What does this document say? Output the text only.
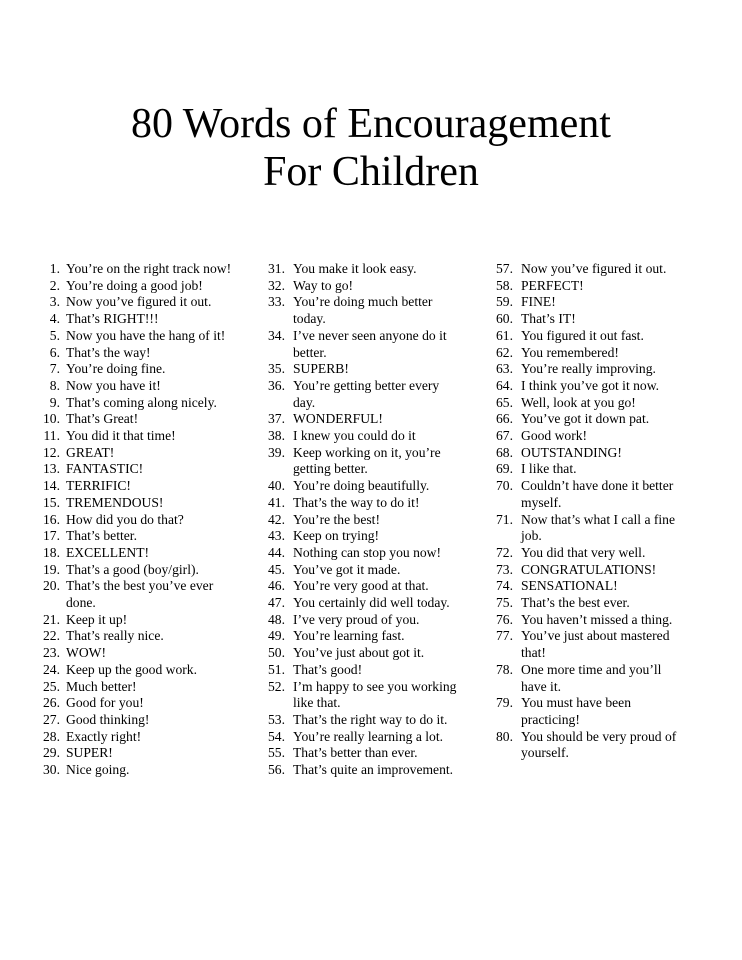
80 Words of Encouragement
For Children
1. You’re on the right track now!
2. You’re doing a good job!
3. Now you’ve figured it out.
4. That’s RIGHT!!!
5. Now you have the hang of it!
6. That’s the way!
7. You’re doing fine.
8. Now you have it!
9. That’s coming along nicely.
10. That’s Great!
11. You did it that time!
12. GREAT!
13. FANTASTIC!
14. TERRIFIC!
15. TREMENDOUS!
16. How did you do that?
17. That’s better.
18. EXCELLENT!
19. That’s a good (boy/girl).
20. That’s the best you’ve ever
done.
21. Keep it up!
22. That’s really nice.
23. WOW!
24. Keep up the good work.
25. Much better!
26. Good for you!
27. Good thinking!
28. Exactly right!
29. SUPER!
30. Nice going.
31. You make it look easy.
32. Way to go!
33. You’re doing much better
today.
34. I’ve never seen anyone do it
better.
35. SUPERB!
36. You’re getting better every
day.
37. WONDERFUL!
38. I knew you could do it
39. Keep working on it, you’re
getting better.
40. You’re doing beautifully.
41. That’s the way to do it!
42. You’re the best!
43. Keep on trying!
44. Nothing can stop you now!
45. You’ve got it made.
46. You’re very good at that.
47. You certainly did well today.
48. I’ve very proud of you.
49. You’re learning fast.
50. You’ve just about got it.
51. That’s good!
52. I’m happy to see you working
like that.
53. That’s the right way to do it.
54. You’re really learning a lot.
55. That’s better than ever.
56. That’s quite an improvement.
57. Now you’ve figured it out.
58. PERFECT!
59. FINE!
60. That’s IT!
61. You figured it out fast.
62. You remembered!
63. You’re really improving.
64. I think you’ve got it now.
65. Well, look at you go!
66. You’ve got it down pat.
67. Good work!
68. OUTSTANDING!
69. I like that.
70. Couldn’t have done it better
myself.
71. Now that’s what I call a fine
job.
72. You did that very well.
73. CONGRATULATIONS!
74. SENSATIONAL!
75. That’s the best ever.
76. You haven’t missed a thing.
77. You’ve just about mastered
that!
78. One more time and you’ll
have it.
79. You must have been
practicing!
80. You should be very proud of
yourself.
